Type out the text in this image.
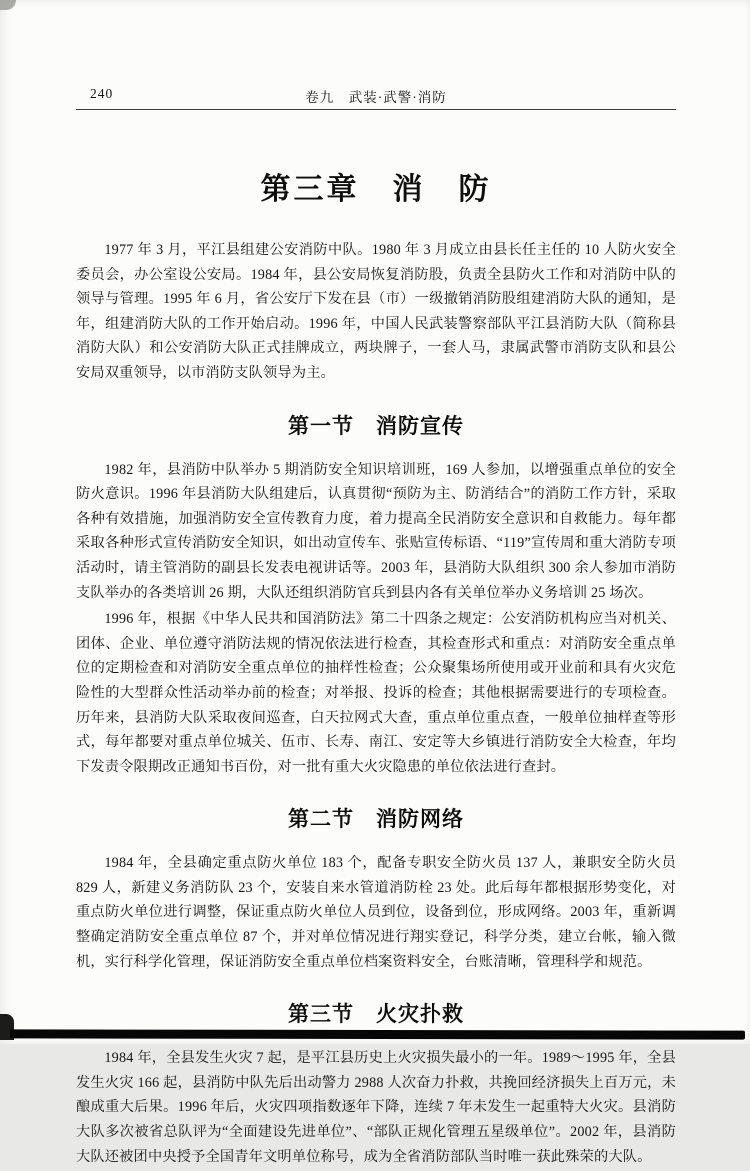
240	卷九　武装·武警·消防
第三章　消　防

1977 年 3 月，平江县组建公安消防中队。1980 年 3 月成立由县长任主任的 10 人防火安全委员会，办公室设公安局。1984 年，县公安局恢复消防股，负责全县防火工作和对消防中队的领导与管理。1995 年 6 月，省公安厅下发在县（市）一级撤销消防股组建消防大队的通知，是年，组建消防大队的工作开始启动。1996 年，中国人民武装警察部队平江县消防大队（简称县消防大队）和公安消防大队正式挂牌成立，两块牌子，一套人马，隶属武警市消防支队和县公安局双重领导，以市消防支队领导为主。

第一节　消防宣传

1982 年，县消防中队举办 5 期消防安全知识培训班，169 人参加，以增强重点单位的安全防火意识。1996 年县消防大队组建后，认真贯彻“预防为主、防消结合”的消防工作方针，采取各种有效措施，加强消防安全宣传教育力度，着力提高全民消防安全意识和自救能力。每年都采取各种形式宣传消防安全知识，如出动宣传车、张贴宣传标语、“119”宣传周和重大消防专项活动时，请主管消防的副县长发表电视讲话等。2003 年，县消防大队组织 300 余人参加市消防支队举办的各类培训 26 期，大队还组织消防官兵到县内各有关单位举办义务培训 25 场次。

1996 年，根据《中华人民共和国消防法》第二十四条之规定：公安消防机构应当对机关、团体、企业、单位遵守消防法规的情况依法进行检查，其检查形式和重点：对消防安全重点单位的定期检查和对消防安全重点单位的抽样性检查；公众聚集场所使用或开业前和具有火灾危险性的大型群众性活动举办前的检查；对举报、投诉的检查；其他根据需要进行的专项检查。历年来，县消防大队采取夜间巡查，白天拉网式大查，重点单位重点查，一般单位抽样查等形式，每年都要对重点单位城关、伍市、长寿、南江、安定等大乡镇进行消防安全大检查，年均下发责令限期改正通知书百份，对一批有重大火灾隐患的单位依法进行查封。

第二节　消防网络

1984 年，全县确定重点防火单位 183 个，配备专职安全防火员 137 人，兼职安全防火员 829 人，新建义务消防队 23 个，安装自来水管道消防栓 23 处。此后每年都根据形势变化，对重点防火单位进行调整，保证重点防火单位人员到位，设备到位，形成网络。2003 年，重新调整确定消防安全重点单位 87 个，并对单位情况进行翔实登记，科学分类，建立台帐，输入微机，实行科学化管理，保证消防安全重点单位档案资料安全，台账清晰，管理科学和规范。

第三节　火灾扑救

1984 年，全县发生火灾 7 起，是平江县历史上火灾损失最小的一年。1989～1995 年，全县发生火灾 166 起，县消防中队先后出动警力 2988 人次奋力扑救，共挽回经济损失上百万元，未酿成重大后果。1996 年后，火灾四项指数逐年下降，连续 7 年未发生一起重特大火灾。县消防大队多次被省总队评为“全面建设先进单位”、“部队正规化管理五星级单位”。2002 年，县消防大队还被团中央授予全国青年文明单位称号，成为全省消防部队当时唯一获此殊荣的大队。
